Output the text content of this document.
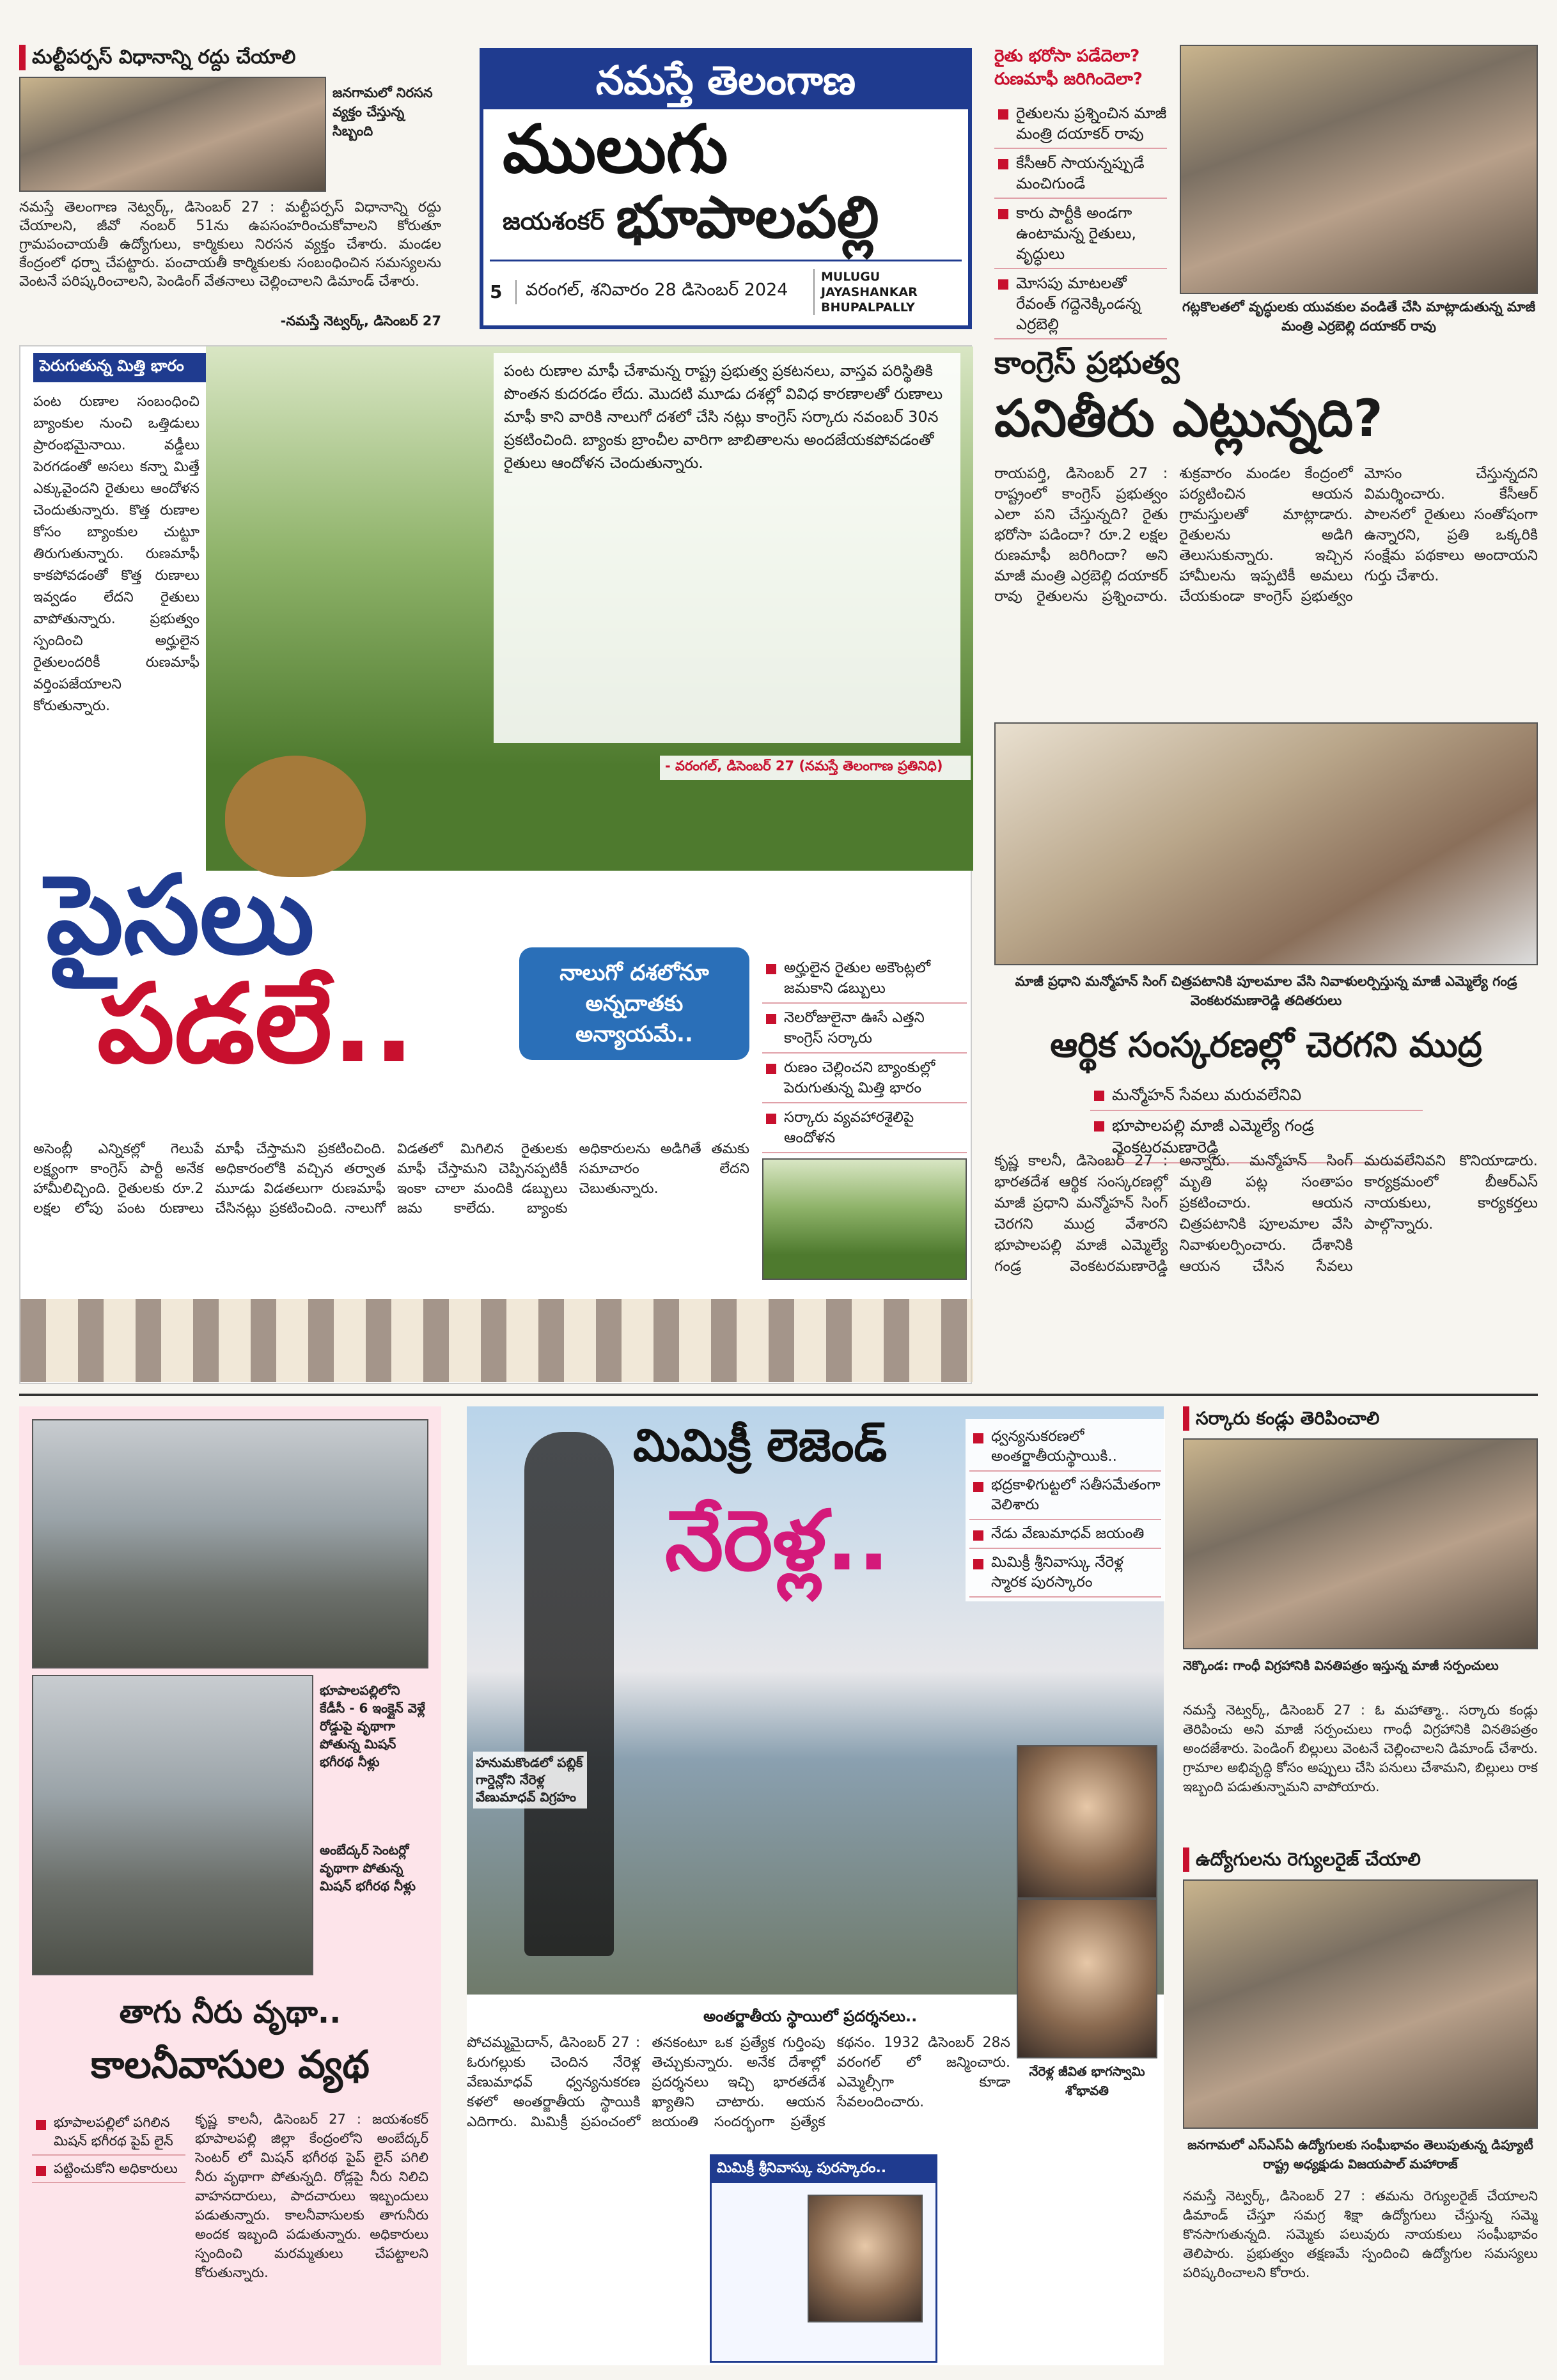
మల్టీపర్పస్ విధానాన్ని రద్దు చేయాలి
జనగామలో నిరసన వ్యక్తం చేస్తున్న సిబ్బంది
నమస్తే తెలంగాణ నెట్వర్క్, డిసెంబర్ 27 : మల్టీపర్పస్ విధానాన్ని రద్దు చేయాలని, జీవో నంబర్ 51ను ఉపసంహరించుకోవాలని కోరుతూ గ్రామపంచాయతీ ఉద్యోగులు, కార్మికులు నిరసన వ్యక్తం చేశారు. మండల కేంద్రంలో ధర్నా చేపట్టారు. పంచాయతీ కార్మికులకు సంబంధించిన సమస్యలను వెంటనే పరిష్కరించాలని, పెండింగ్ వేతనాలు చెల్లించాలని డిమాండ్ చేశారు.
-నమస్తే నెట్వర్క్, డిసెంబర్ 27
నమస్తే తెలంగాణ
ములుగు
జయశంకర్ భూపాలపల్లి
5	వరంగల్, శనివారం 28 డిసెంబర్ 2024
MULUGU
JAYASHANKAR BHUPALPALLY
రైతు భరోసా పడేదెలా? రుణమాఫీ జరిగిందెలా?
రైతులను ప్రశ్నించిన మాజీ మంత్రి దయాకర్ రావు
కేసీఆర్ సాయన్నప్పుడే మంచిగుండే
కారు పార్టీకి అండగా ఉంటామన్న రైతులు, వృద్ధులు
మోసపు మాటలతో రేవంత్ గద్దెనెక్కిండన్న ఎర్రబెల్లి
గట్లకొలతలో వృద్ధులకు యువకుల వండితే చేసి మాట్లాడుతున్న మాజీ మంత్రి ఎర్రబెల్లి దయాకర్ రావు
కాంగ్రెస్ ప్రభుత్వ
పనితీరు ఎట్లున్నది?
రాయపర్తి, డిసెంబర్ 27 : రాష్ట్రంలో కాంగ్రెస్ ప్రభుత్వం ఎలా పని చేస్తున్నది? రైతు భరోసా పడిందా? రూ.2 లక్షల రుణమాఫీ జరిగిందా? అని మాజీ మంత్రి ఎర్రబెల్లి దయాకర్ రావు రైతులను ప్రశ్నించారు. శుక్రవారం మండల కేంద్రంలో పర్యటించిన ఆయన గ్రామస్తులతో మాట్లాడారు. రైతులను అడిగి తెలుసుకున్నారు. ఇచ్చిన హామీలను ఇప్పటికీ అమలు చేయకుండా కాంగ్రెస్ ప్రభుత్వం మోసం చేస్తున్నదని విమర్శించారు. కేసీఆర్ పాలనలో రైతులు సంతోషంగా ఉన్నారని, ప్రతి ఒక్కరికి సంక్షేమ పథకాలు అందాయని గుర్తు చేశారు.
పెరుగుతున్న మిత్తి భారం
పంట రుణాల సంబంధించి బ్యాంకుల నుంచి ఒత్తిడులు ప్రారంభమైనాయి. వడ్డీలు పెరగడంతో అసలు కన్నా మిత్తే ఎక్కువైందని రైతులు ఆందోళన చెందుతున్నారు. కొత్త రుణాల కోసం బ్యాంకుల చుట్టూ తిరుగుతున్నారు. రుణమాఫీ కాకపోవడంతో కొత్త రుణాలు ఇవ్వడం లేదని రైతులు వాపోతున్నారు. ప్రభుత్వం స్పందించి అర్హులైన రైతులందరికీ రుణమాఫీ వర్తింపజేయాలని కోరుతున్నారు.
పంట రుణాల మాఫీ చేశామన్న రాష్ట్ర ప్రభుత్వ ప్రకటనలు, వాస్తవ పరిస్థితికి పొంతన కుదరడం లేదు. మొదటి మూడు దశల్లో వివిధ కారణాలతో రుణాలు మాఫీ కాని వారికి నాలుగో దశలో చేసి నట్లు కాంగ్రెస్ సర్కారు నవంబర్ 30న ప్రకటించింది. బ్యాంకు బ్రాంచీల వారిగా జాబితాలను అందజేయకపోవడంతో రైతులు ఆందోళన చెందుతున్నారు.
- వరంగల్, డిసెంబర్ 27 (నమస్తే తెలంగాణ ప్రతినిధి)
పైసలు
పడలే..	నాలుగో దశలోనూ అన్నదాతకు అన్యాయమే..
అర్హులైన రైతుల అకౌంట్లలో జమకాని డబ్బులు
నెలరోజులైనా ఊసే ఎత్తని కాంగ్రెస్ సర్కారు
రుణం చెల్లించని బ్యాంకుల్లో పెరుగుతున్న మిత్తి భారం
సర్కారు వ్యవహారశైలిపై ఆందోళన
అసెంబ్లీ ఎన్నికల్లో గెలుపే లక్ష్యంగా కాంగ్రెస్ పార్టీ అనేక హామీలిచ్చింది. రైతులకు రూ.2 లక్షల లోపు పంట రుణాలు మాఫీ చేస్తామని ప్రకటించింది. అధికారంలోకి వచ్చిన తర్వాత మూడు విడతలుగా రుణమాఫీ చేసినట్లు ప్రకటించింది. నాలుగో విడతలో మిగిలిన రైతులకు మాఫీ చేస్తామని చెప్పినప్పటికీ ఇంకా చాలా మందికి డబ్బులు జమ కాలేదు. బ్యాంకు అధికారులను అడిగితే తమకు సమాచారం లేదని చెబుతున్నారు.
మాజీ ప్రధాని మన్మోహన్ సింగ్ చిత్రపటానికి పూలమాల వేసి నివాళులర్పిస్తున్న మాజీ ఎమ్మెల్యే గండ్ర వెంకటరమణారెడ్డి తదితరులు
ఆర్థిక సంస్కరణల్లో చెరగని ముద్ర
మన్మోహన్ సేవలు మరువలేనివి
భూపాలపల్లి మాజీ ఎమ్మెల్యే గండ్ర వెంకటరమణారెడ్డి
కృష్ణ కాలనీ, డిసెంబర్ 27 : భారతదేశ ఆర్థిక సంస్కరణల్లో మాజీ ప్రధాని మన్మోహన్ సింగ్ చెరగని ముద్ర వేశారని భూపాలపల్లి మాజీ ఎమ్మెల్యే గండ్ర వెంకటరమణారెడ్డి అన్నారు. మన్మోహన్ సింగ్ మృతి పట్ల సంతాపం ప్రకటించారు. ఆయన చిత్రపటానికి పూలమాల వేసి నివాళులర్పించారు. దేశానికి ఆయన చేసిన సేవలు మరువలేనివని కొనియాడారు. కార్యక్రమంలో బీఆర్ఎస్ నాయకులు, కార్యకర్తలు పాల్గొన్నారు.
భూపాలపల్లిలోని కేడీసీ - 6 ఇంక్లైన్ వెళ్లే రోడ్డుపై వృథాగా పోతున్న మిషన్ భగీరథ నీళ్లు
అంబేద్కర్ సెంటర్లో వృథాగా పోతున్న మిషన్ భగీరథ నీళ్లు
తాగు నీరు వృథా..
కాలనీవాసుల వ్యథ
భూపాలపల్లిలో పగిలిన మిషన్ భగీరథ పైప్ లైన్
పట్టించుకోని అధికారులు
కృష్ణ కాలనీ, డిసెంబర్ 27 : జయశంకర్ భూపాలపల్లి జిల్లా కేంద్రంలోని అంబేద్కర్ సెంటర్ లో మిషన్ భగీరథ పైప్ లైన్ పగిలి నీరు వృథాగా పోతున్నది. రోడ్లపై నీరు నిలిచి వాహనదారులు, పాదచారులు ఇబ్బందులు పడుతున్నారు. కాలనీవాసులకు తాగునీరు అందక ఇబ్బంది పడుతున్నారు. అధికారులు స్పందించి మరమ్మతులు చేపట్టాలని కోరుతున్నారు.
మిమిక్రీ లెజెండ్
నేరెళ్ల..
ధ్వన్యనుకరణలో అంతర్జాతీయస్థాయికి..
భద్రకాళిగుట్టలో సతీసమేతంగా వెలిశారు
నేడు వేణుమాధవ్ జయంతి
మిమిక్రీ శ్రీనివాస్కు నేరెళ్ల స్మారక పురస్కారం
హనుమకొండలో పబ్లిక్ గార్డెన్లోని నేరెళ్ల వేణుమాధవ్ విగ్రహం
నేరెళ్ల జీవిత భాగస్వామి శోభావతి
అంతర్జాతీయ స్థాయిలో ప్రదర్శనలు..
పోచమ్మమైదాన్, డిసెంబర్ 27 : ఓరుగల్లుకు చెందిన నేరెళ్ల వేణుమాధవ్ ధ్వన్యనుకరణ కళలో అంతర్జాతీయ స్థాయికి ఎదిగారు. మిమిక్రీ ప్రపంచంలో తనకంటూ ఒక ప్రత్యేక గుర్తింపు తెచ్చుకున్నారు. అనేక దేశాల్లో ప్రదర్శనలు ఇచ్చి భారతదేశ ఖ్యాతిని చాటారు. ఆయన జయంతి సందర్భంగా ప్రత్యేక కథనం. 1932 డిసెంబర్ 28న వరంగల్ లో జన్మించారు. ఎమ్మెల్సీగా కూడా సేవలందించారు.
మిమిక్రీ శ్రీనివాస్కు పురస్కారం..
సర్కారు కండ్లు తెరిపించాలి
నెక్కొండ: గాంధీ విగ్రహానికి వినతిపత్రం ఇస్తున్న మాజీ సర్పంచులు
నమస్తే నెట్వర్క్, డిసెంబర్ 27 : ఓ మహాత్మా.. సర్కారు కండ్లు తెరిపించు అని మాజీ సర్పంచులు గాంధీ విగ్రహానికి వినతిపత్రం అందజేశారు. పెండింగ్ బిల్లులు వెంటనే చెల్లించాలని డిమాండ్ చేశారు. గ్రామాల అభివృద్ధి కోసం అప్పులు చేసి పనులు చేశామని, బిల్లులు రాక ఇబ్బంది పడుతున్నామని వాపోయారు.
ఉద్యోగులను రెగ్యులరైజ్ చేయాలి
జనగామలో ఎస్ఎస్ఏ ఉద్యోగులకు సంఘీభావం తెలుపుతున్న డిప్యూటీ రాష్ట్ర అధ్యక్షుడు విజయపాల్ మహారాజ్
నమస్తే నెట్వర్క్, డిసెంబర్ 27 : తమను రెగ్యులరైజ్ చేయాలని డిమాండ్ చేస్తూ సమగ్ర శిక్షా ఉద్యోగులు చేస్తున్న సమ్మె కొనసాగుతున్నది. సమ్మెకు పలువురు నాయకులు సంఘీభావం తెలిపారు. ప్రభుత్వం తక్షణమే స్పందించి ఉద్యోగుల సమస్యలు పరిష్కరించాలని కోరారు.
